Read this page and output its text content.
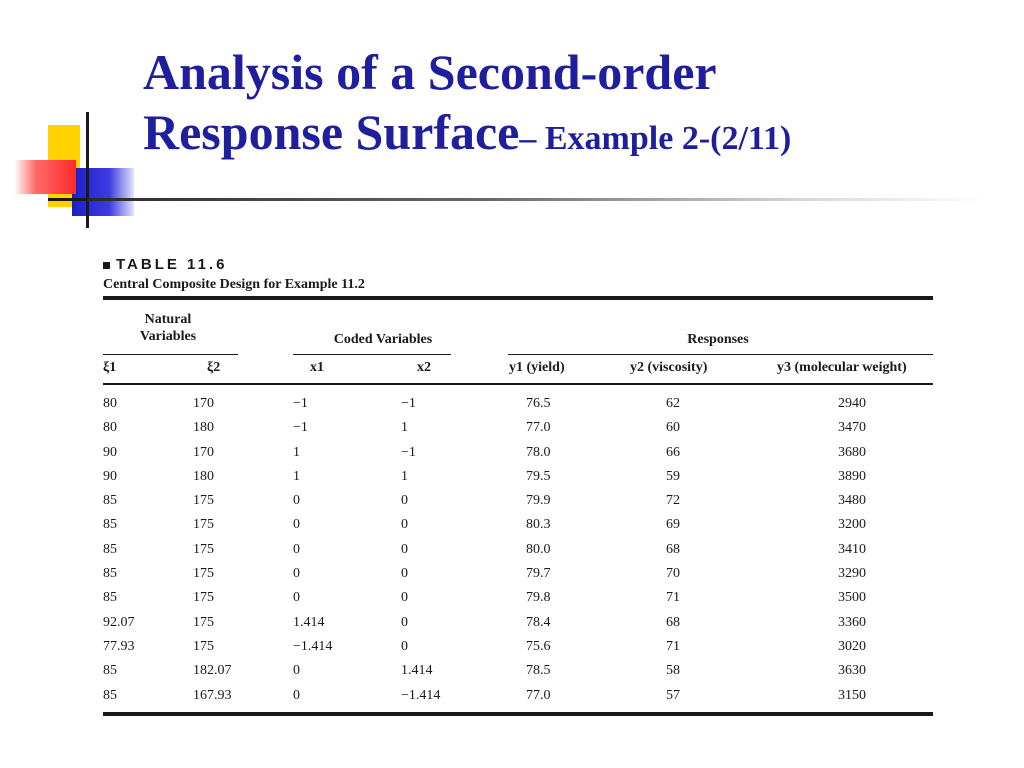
Analysis of a Second-order
Response Surface– Example 2-(2/11)
TABLE 11.6
Central Composite Design for Example 11.2
Natural
Variables	Coded Variables	Responses
ξ1	ξ2	x1	x2	y1 (yield)	y2 (viscosity)	y3 (molecular weight)
80	170	−1	−1	76.5	62	2940
80	180	−1	1	77.0	60	3470
90	170	1	−1	78.0	66	3680
90	180	1	1	79.5	59	3890
85	175	0	0	79.9	72	3480
85	175	0	0	80.3	69	3200
85	175	0	0	80.0	68	3410
85	175	0	0	79.7	70	3290
85	175	0	0	79.8	71	3500
92.07	175	1.414	0	78.4	68	3360
77.93	175	−1.414	0	75.6	71	3020
85	182.07	0	1.414	78.5	58	3630
85	167.93	0	−1.414	77.0	57	3150
